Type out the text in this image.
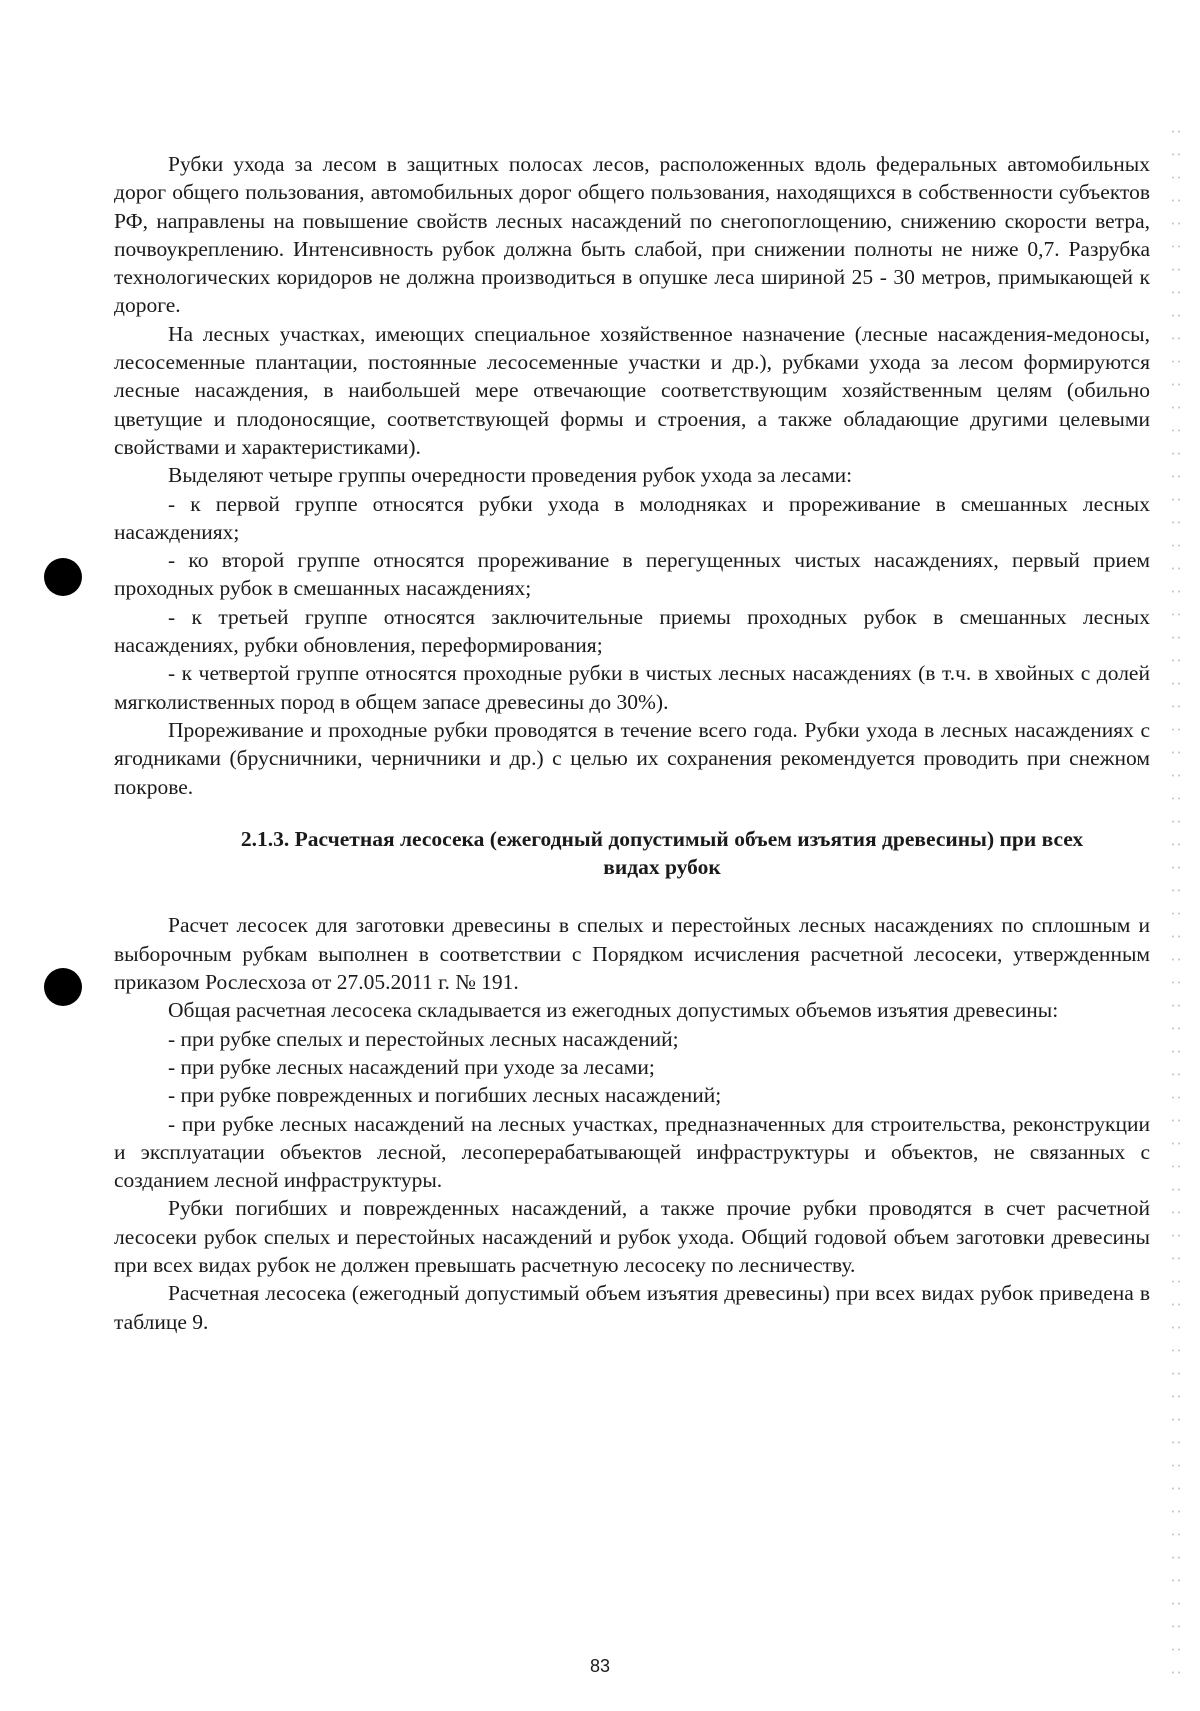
Рубки ухода за лесом в защитных полосах лесов, расположенных вдоль федеральных автомобильных дорог общего пользования, автомобильных дорог общего пользования, находящихся в собственности субъектов РФ, направлены на повышение свойств лесных насаждений по снегопоглощению, снижению скорости ветра, почвоукреплению. Интенсивность рубок должна быть слабой, при снижении полноты не ниже 0,7. Разрубка технологических коридоров не должна производиться в опушке леса шириной 25 - 30 метров, примыкающей к дороге.

На лесных участках, имеющих специальное хозяйственное назначение (лесные насаждения-медоносы, лесосеменные плантации, постоянные лесосеменные участки и др.), рубками ухода за лесом формируются лесные насаждения, в наибольшей мере отвечающие соответствующим хозяйственным целям (обильно цветущие и плодоносящие, соответствующей формы и строения, а также обладающие другими целевыми свойствами и характеристиками).

Выделяют четыре группы очередности проведения рубок ухода за лесами:

- к первой группе относятся рубки ухода в молодняках и прореживание в смешанных лесных насаждениях;

- ко второй группе относятся прореживание в перегущенных чистых насаждениях, первый прием проходных рубок в смешанных насаждениях;

- к третьей группе относятся заключительные приемы проходных рубок в смешанных лесных насаждениях, рубки обновления, переформирования;

- к четвертой группе относятся проходные рубки в чистых лесных насаждениях (в т.ч. в хвойных с долей мягколиственных пород в общем запасе древесины до 30%).

Прореживание и проходные рубки проводятся в течение всего года. Рубки ухода в лесных насаждениях с ягодниками (брусничники, черничники и др.) с целью их сохранения рекомендуется проводить при снежном покрове.

2.1.3. Расчетная лесосека (ежегодный допустимый объем изъятия древесины) при всех
видах рубок

Расчет лесосек для заготовки древесины в спелых и перестойных лесных насаждениях по сплошным и выборочным рубкам выполнен в соответствии с Порядком исчисления расчетной лесосеки, утвержденным приказом Рослесхоза от 27.05.2011 г. № 191.

Общая расчетная лесосека складывается из ежегодных допустимых объемов изъятия древесины:

- при рубке спелых и перестойных лесных насаждений;

- при рубке лесных насаждений при уходе за лесами;

- при рубке поврежденных и погибших лесных насаждений;

- при рубке лесных насаждений на лесных участках, предназначенных для строительства, реконструкции и эксплуатации объектов лесной, лесоперерабатывающей инфраструктуры и объектов, не связанных с созданием лесной инфраструктуры.

Рубки погибших и поврежденных насаждений, а также прочие рубки проводятся в счет расчетной лесосеки рубок спелых и перестойных насаждений и рубок ухода. Общий годовой объем заготовки древесины при всех видах рубок не должен превышать расчетную лесосеку по лесничеству.

Расчетная лесосека (ежегодный допустимый объем изъятия древесины) при всех видах рубок приведена в таблице 9.

83
